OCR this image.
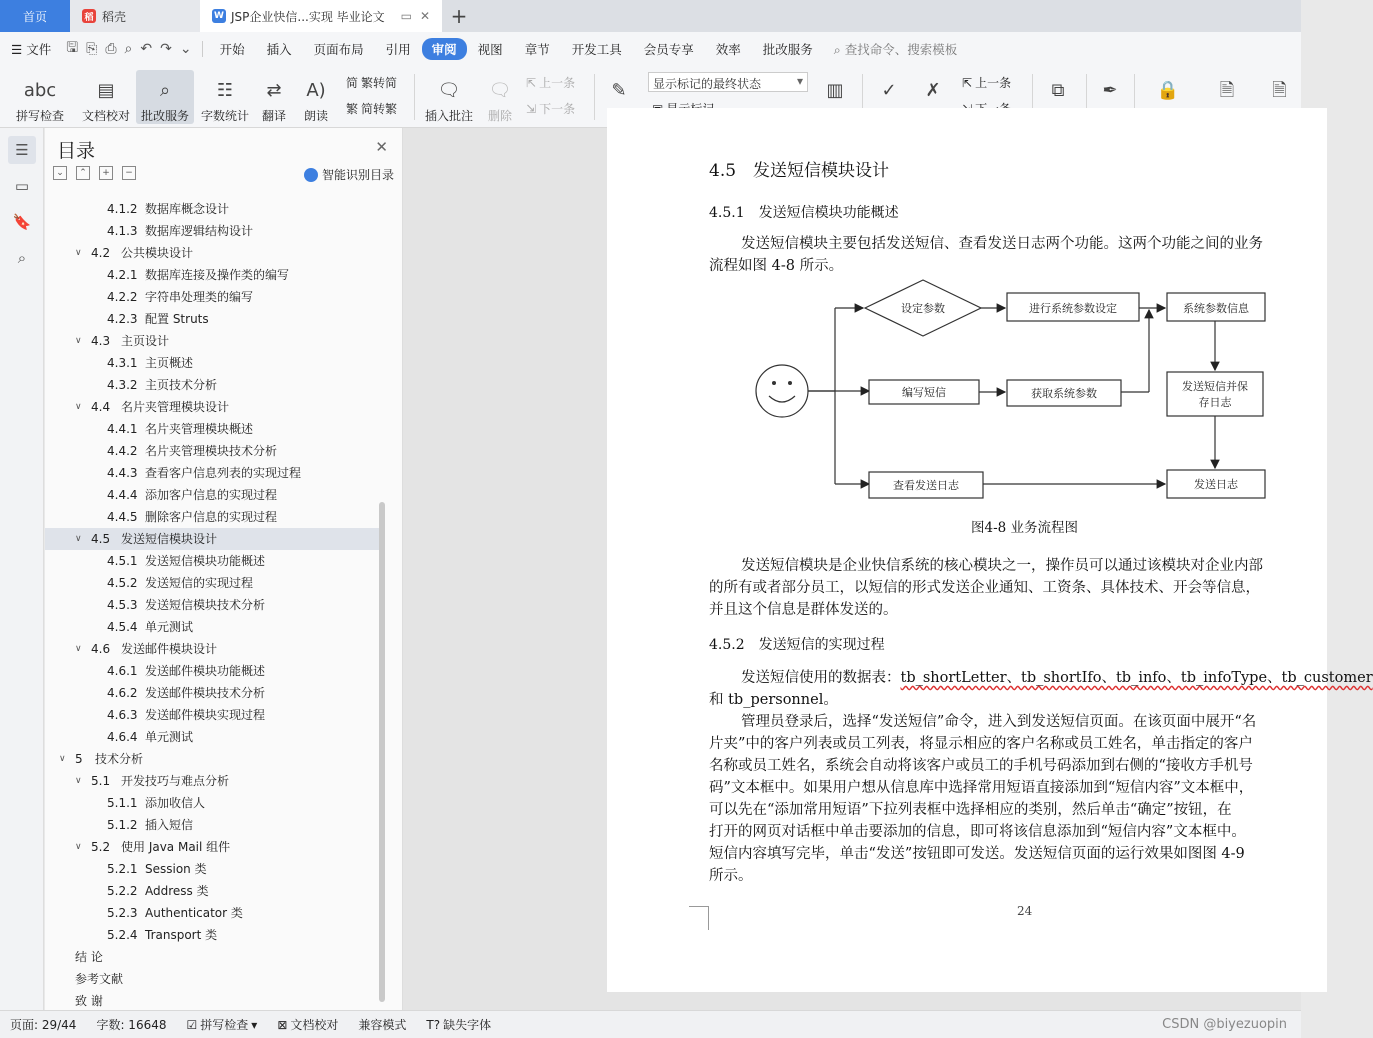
首页	稻 稻壳	W JSP企业快信...实现 毕业论文 ▭ ✕	+
☰ 文件	🖫 ⎘ ⎙ ⌕ ↶ ↷ ⌄	开始	插入	页面布局	引用	审阅	视图	章节	开发工具	会员专享	效率	批改服务	⌕ 查找命令、搜索模板
abc
拼写检查
▤
文档校对
⌕
批改服务
☷
字数统计
⇄
翻译
A)
朗读
简 繁转简
繁 简转繁
🗨
插入批注
🗨
删除
⇱ 上一条
⇲ 下一条
✎	显示标记的最终状态 ▾	▥ ✓ ✗ ⇱ 上一条 ⧉ ✒ 🔒 🗎 🗎
☰
▭
🔖
⌕
目录	✕
⌄	⌃	+	−	智能识别目录
4.1.2 数据库概念设计
4.1.3 数据库逻辑结构设计
∨ 4.2 公共模块设计
4.2.1 数据库连接及操作类的编写
4.2.2 字符串处理类的编写
4.2.3 配置 Struts
∨ 4.3 主页设计
4.3.1 主页概述
4.3.2 主页技术分析
∨ 4.4 名片夹管理模块设计
4.4.1 名片夹管理模块概述
4.4.2 名片夹管理模块技术分析
4.4.3 查看客户信息列表的实现过程
4.4.4 添加客户信息的实现过程
4.4.5 删除客户信息的实现过程
∨ 4.5 发送短信模块设计
4.5.1 发送短信模块功能概述
4.5.2 发送短信的实现过程
4.5.3 发送短信模块技术分析
4.5.4 单元测试
∨ 4.6 发送邮件模块设计
4.6.1 发送邮件模块功能概述
4.6.2 发送邮件模块技术分析
4.6.3 发送邮件模块实现过程
4.6.4 单元测试
∨ 5 技术分析
∨ 5.1 开发技巧与难点分析
5.1.1 添加收信人
5.1.2 插入短信
∨ 5.2 使用 Java Mail 组件
5.2.1 Session 类
5.2.2 Address 类
5.2.3 Authenticator 类
5.2.4 Transport 类
结 论
参考文献
致 谢
4.5　发送短信模块设计
4.5.1　发送短信模块功能概述
发送短信模块主要包括发送短信、查看发送日志两个功能。这两个功能之间的业务
流程如图 4-8 所示。
设定参数	进行系统参数设定	系统参数信息
编写短信	获取系统参数
发送短信并保
存日志
查看发送日志	发送日志
图4-8 业务流程图
发送短信模块是企业快信系统的核心模块之一，操作员可以通过该模块对企业内部
的所有或者部分员工，以短信的形式发送企业通知、工资条、具体技术、开会等信息，
并且这个信息是群体发送的。
4.5.2　发送短信的实现过程
发送短信使用的数据表：tb_shortLetter、tb_shortIfo、tb_info、tb_infoType、tb_customer
和 tb_personnel。
管理员登录后，选择“发送短信”命令，进入到发送短信页面。在该页面中展开“名
片夹”中的客户列表或员工列表，将显示相应的客户名称或员工姓名，单击指定的客户
名称或员工姓名，系统会自动将该客户或员工的手机号码添加到右侧的“接收方手机号
码”文本框中。如果用户想从信息库中选择常用短语直接添加到“短信内容”文本框中，
可以先在“添加常用短语”下拉列表框中选择相应的类别，然后单击“确定”按钮，在
打开的网页对话框中单击要添加的信息，即可将该信息添加到“短信内容”文本框中。
短信内容填写完毕，单击“发送”按钮即可发送。发送短信页面的运行效果如图图 4-9
所示。
24
页面: 29/44	字数: 16648	☑ 拼写检查 ▾ ⊠ 文档校对	兼容模式	T? 缺失字体	CSDN @biyezuopin
